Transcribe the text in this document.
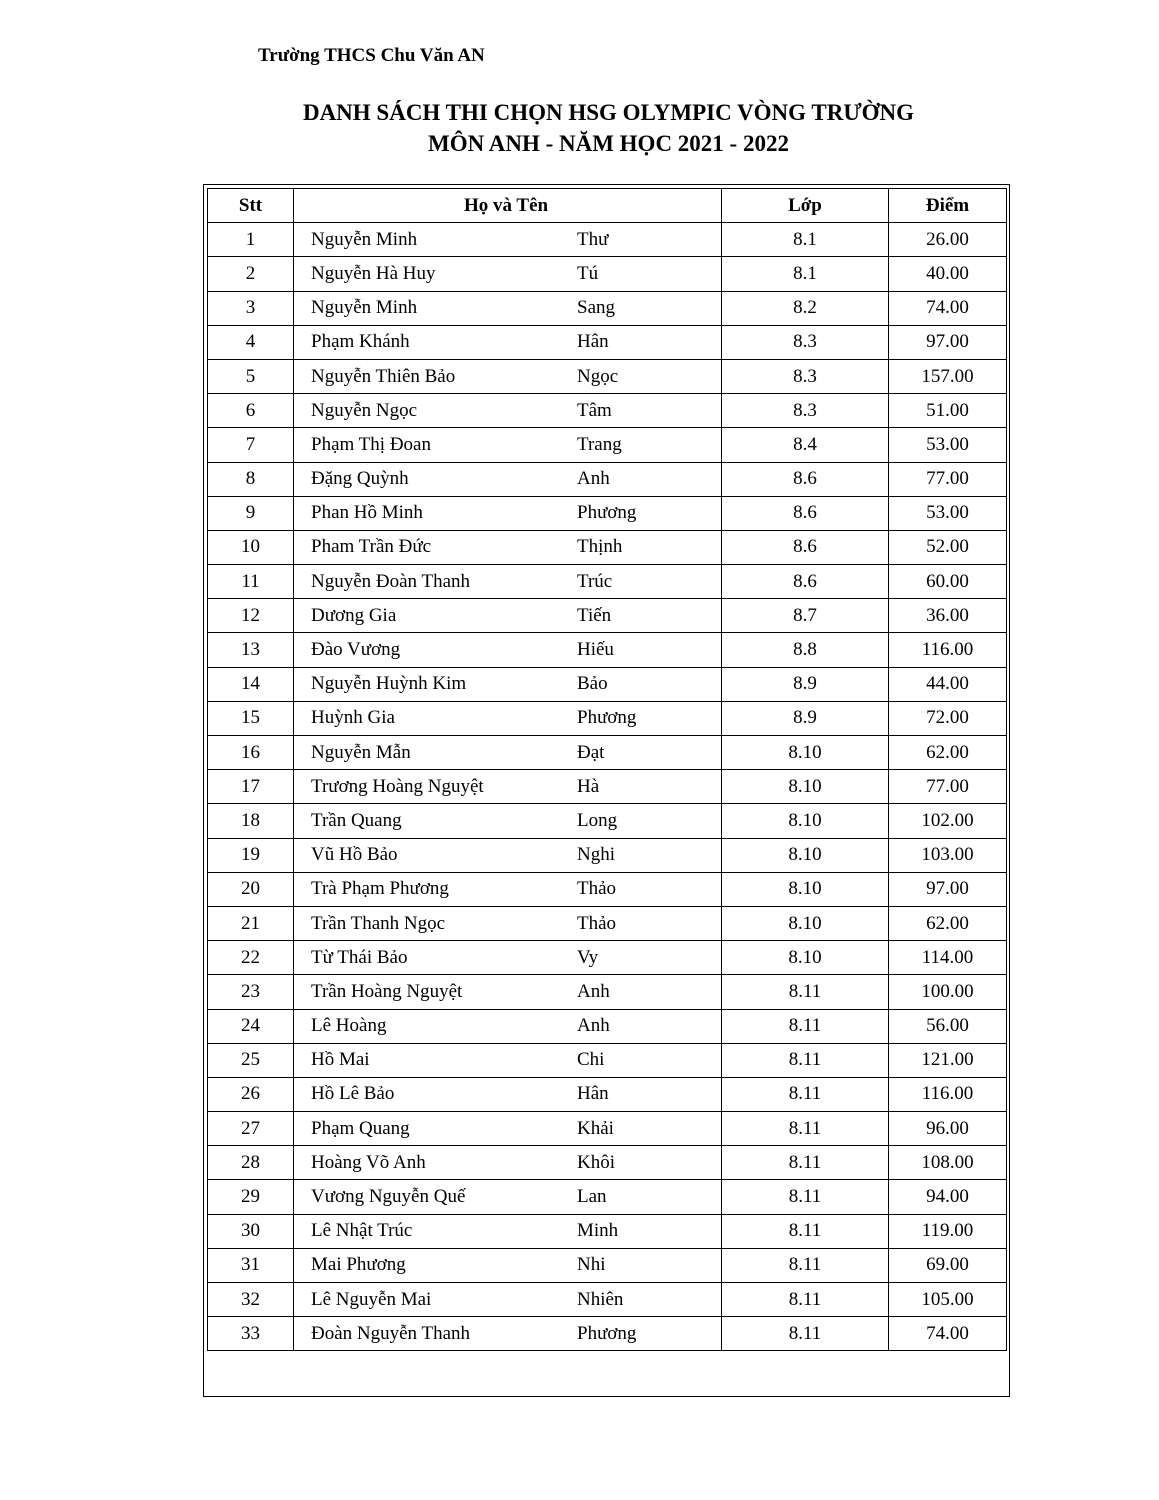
Trường THCS Chu Văn AN
DANH SÁCH THI CHỌN HSG OLYMPIC VÒNG TRƯỜNG
MÔN ANH - NĂM HỌC 2021 - 2022
Stt	Họ và Tên	Lớp	Điểm
1	Nguyễn Minh Thư	8.1	26.00
2	Nguyễn Hà Huy Tú	8.1	40.00
3	Nguyễn Minh Sang	8.2	74.00
4	Phạm Khánh Hân	8.3	97.00
5	Nguyễn Thiên Bảo Ngọc	8.3	157.00
6	Nguyễn Ngọc Tâm	8.3	51.00
7	Phạm Thị Đoan Trang	8.4	53.00
8	Đặng Quỳnh Anh	8.6	77.00
9	Phan Hồ Minh Phương	8.6	53.00
10	Pham Trần Đức Thịnh	8.6	52.00
11	Nguyễn Đoàn Thanh Trúc	8.6	60.00
12	Dương Gia Tiến	8.7	36.00
13	Đào Vương Hiếu	8.8	116.00
14	Nguyễn Huỳnh Kim Bảo	8.9	44.00
15	Huỳnh Gia Phương	8.9	72.00
16	Nguyễn Mẫn Đạt	8.10	62.00
17	Trương Hoàng Nguyệt Hà	8.10	77.00
18	Trần Quang Long	8.10	102.00
19	Vũ Hồ Bảo Nghi	8.10	103.00
20	Trà Phạm Phương Thảo	8.10	97.00
21	Trần Thanh Ngọc Thảo	8.10	62.00
22	Từ Thái Bảo Vy	8.10	114.00
23	Trần Hoàng Nguyệt Anh	8.11	100.00
24	Lê Hoàng Anh	8.11	56.00
25	Hồ Mai Chi	8.11	121.00
26	Hồ Lê Bảo Hân	8.11	116.00
27	Phạm Quang Khải	8.11	96.00
28	Hoàng Võ Anh Khôi	8.11	108.00
29	Vương Nguyễn Quế Lan	8.11	94.00
30	Lê Nhật Trúc Minh	8.11	119.00
31	Mai Phương Nhi	8.11	69.00
32	Lê Nguyễn Mai Nhiên	8.11	105.00
33	Đoàn Nguyễn Thanh Phương	8.11	74.00
